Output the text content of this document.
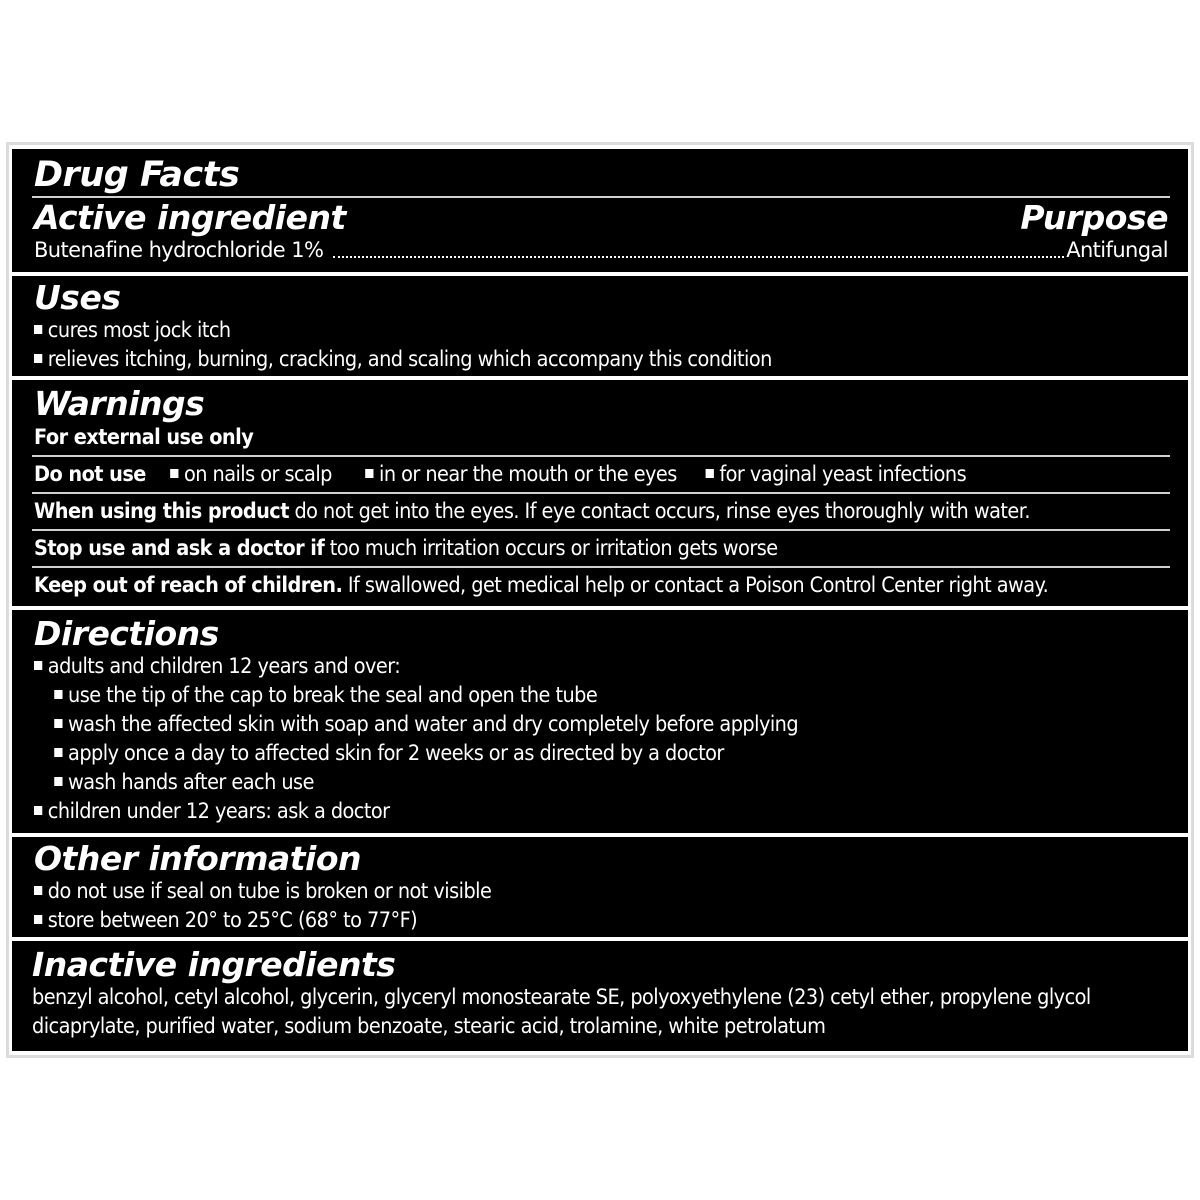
Drug Facts
Active ingredient	Purpose
Butenafine hydrochloride 1%	Antifungal
Uses
cures most jock itch
relieves itching, burning, cracking, and scaling which accompany this condition
Warnings
For external use only
Do not use	on nails or scalp	in or near the mouth or the eyes	for vaginal yeast infections
When using this product do not get into the eyes. If eye contact occurs, rinse eyes thoroughly with water.
Stop use and ask a doctor if too much irritation occurs or irritation gets worse
Keep out of reach of children. If swallowed, get medical help or contact a Poison Control Center right away.
Directions
adults and children 12 years and over:
use the tip of the cap to break the seal and open the tube
wash the affected skin with soap and water and dry completely before applying
apply once a day to affected skin for 2 weeks or as directed by a doctor
wash hands after each use
children under 12 years: ask a doctor
Other information
do not use if seal on tube is broken or not visible
store between 20° to 25°C (68° to 77°F)
Inactive ingredients
benzyl alcohol, cetyl alcohol, glycerin, glyceryl monostearate SE, polyoxyethylene (23) cetyl ether, propylene glycol
dicaprylate, purified water, sodium benzoate, stearic acid, trolamine, white petrolatum
